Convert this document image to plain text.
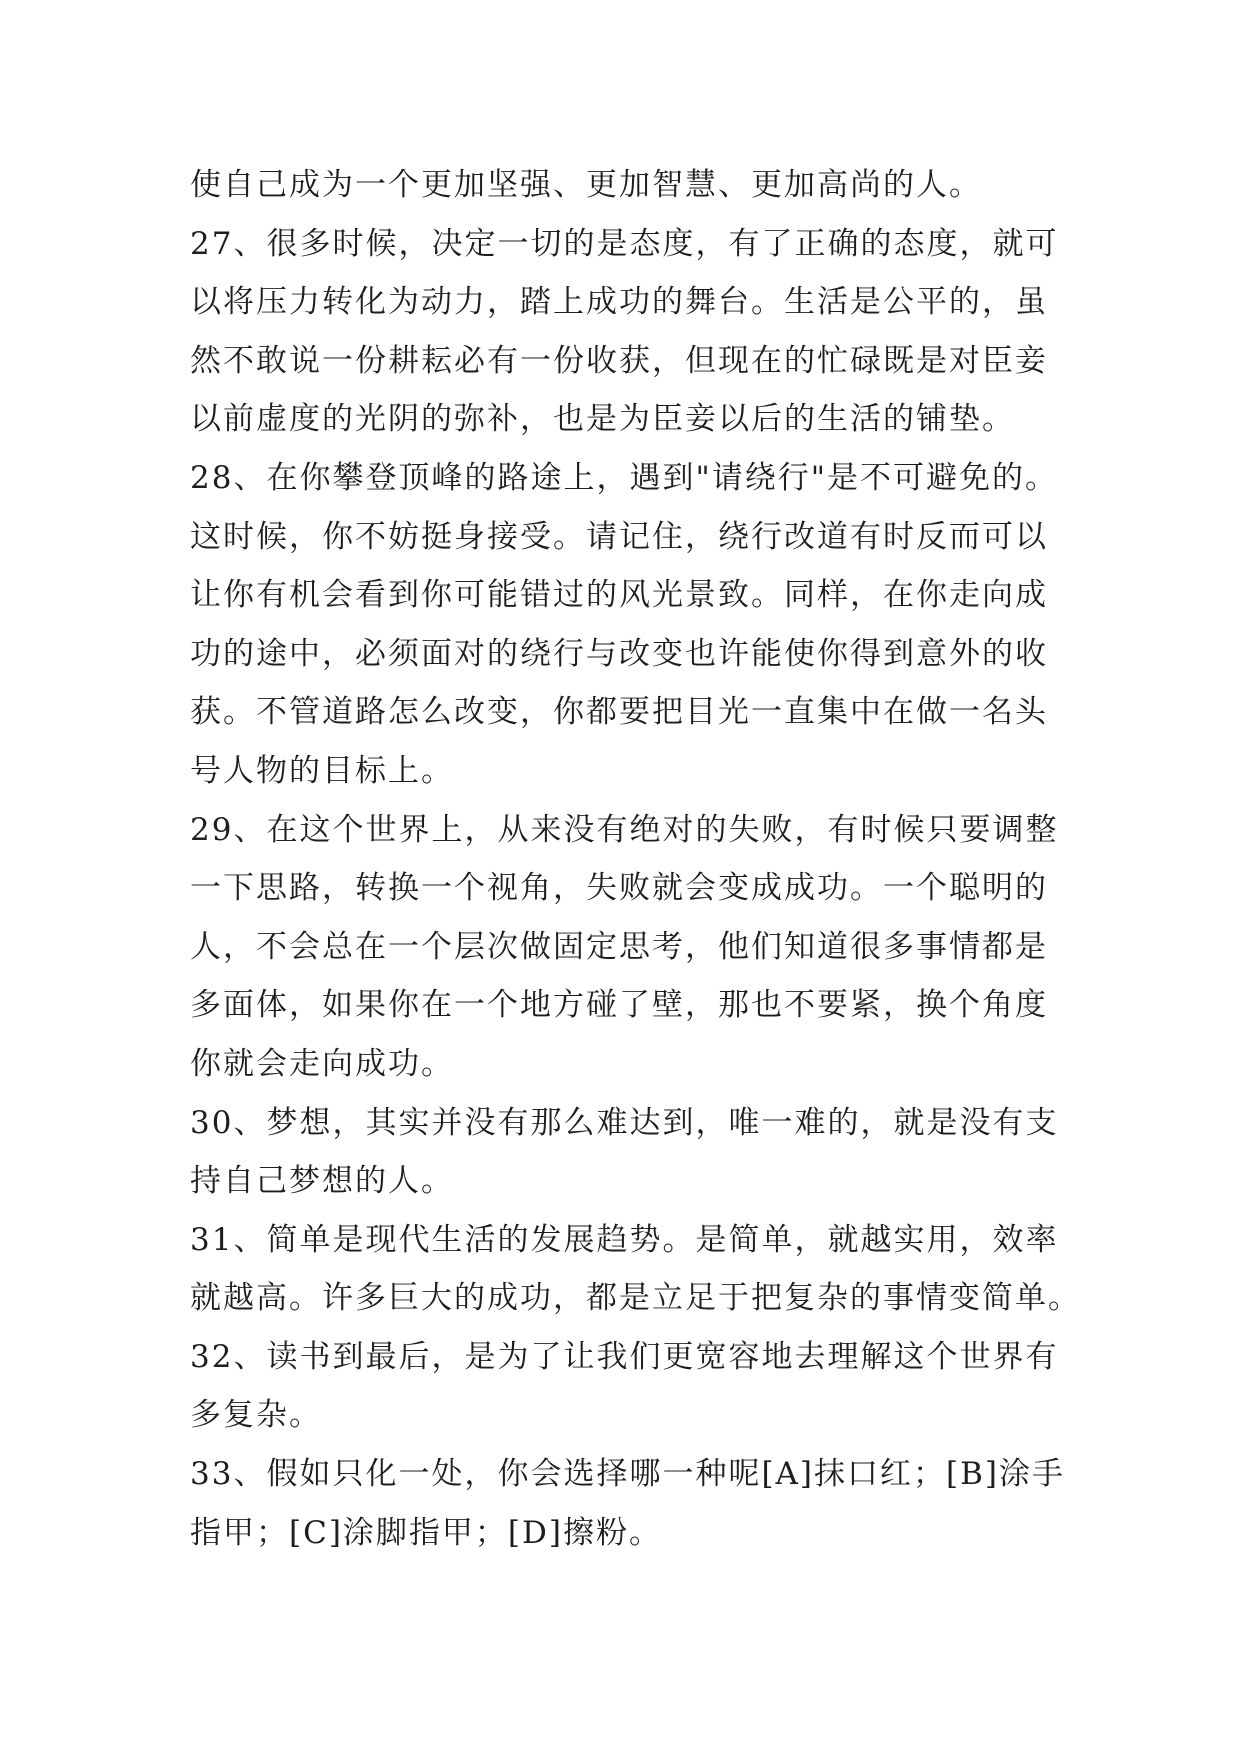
使自己成为一个更加坚强、更加智慧、更加高尚的人。
27、很多时候，决定一切的是态度，有了正确的态度，就可
以将压力转化为动力，踏上成功的舞台。生活是公平的，虽
然不敢说一份耕耘必有一份收获，但现在的忙碌既是对臣妾
以前虚度的光阴的弥补，也是为臣妾以后的生活的铺垫。
28、在你攀登顶峰的路途上，遇到"请绕行"是不可避免的。
这时候，你不妨挺身接受。请记住，绕行改道有时反而可以
让你有机会看到你可能错过的风光景致。同样，在你走向成
功的途中，必须面对的绕行与改变也许能使你得到意外的收
获。不管道路怎么改变，你都要把目光一直集中在做一名头
号人物的目标上。
29、在这个世界上，从来没有绝对的失败，有时候只要调整
一下思路，转换一个视角，失败就会变成成功。一个聪明的
人，不会总在一个层次做固定思考，他们知道很多事情都是
多面体，如果你在一个地方碰了壁，那也不要紧，换个角度
你就会走向成功。
30、梦想，其实并没有那么难达到，唯一难的，就是没有支
持自己梦想的人。
31、简单是现代生活的发展趋势。是简单，就越实用，效率
就越高。许多巨大的成功，都是立足于把复杂的事情变简单。
32、读书到最后，是为了让我们更宽容地去理解这个世界有
多复杂。
33、假如只化一处，你会选择哪一种呢[A]抹口红；[B]涂手
指甲；[C]涂脚指甲；[D]擦粉。
